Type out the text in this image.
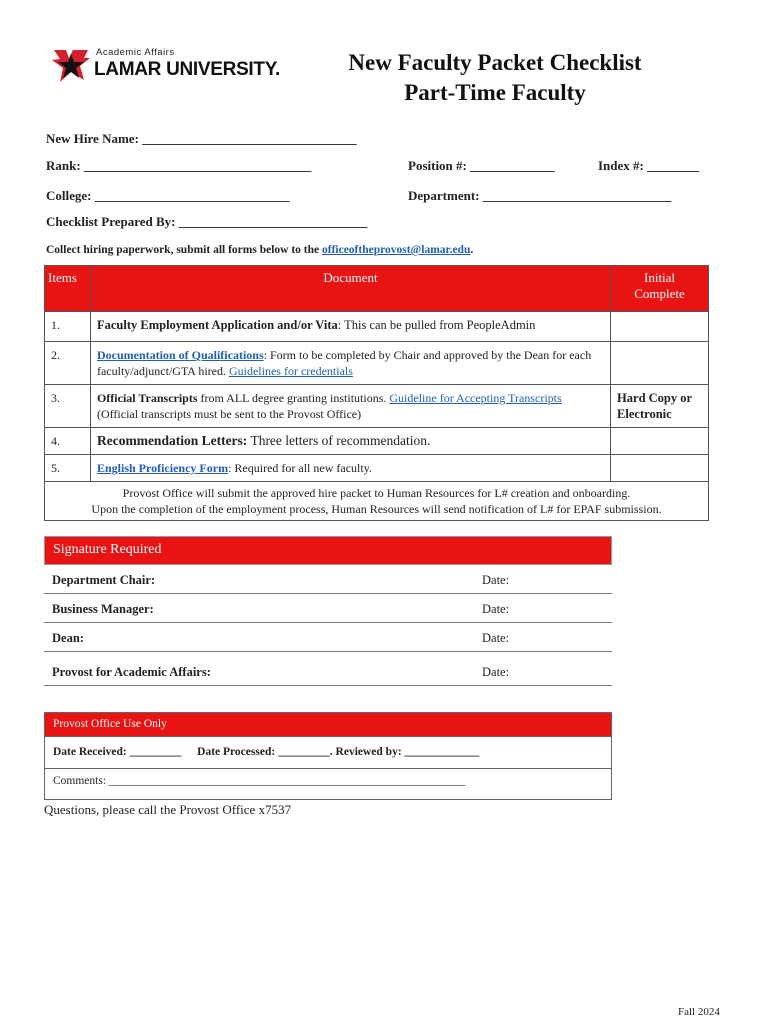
Academic Affairs
LAMAR UNIVERSITY.	New Faculty Packet Checklist
Part-Time Faculty
New Hire Name: _________________________________
Rank: ___________________________________	Position #: _____________	Index #: ________
College: ______________________________	Department: _____________________________
Checklist Prepared By: _____________________________
Collect hiring paperwork, submit all forms below to the officeoftheprovost@lamar.edu.
Items	Document	Initial
Complete

1.	Faculty Employment Application and/or Vita: This can be pulled from PeopleAdmin	
2.	Documentation of Qualifications: Form to be completed by Chair and approved by the Dean for each faculty/adjunct/GTA hired. Guidelines for credentials	
3.	Official Transcripts from ALL degree granting institutions. Guideline for Accepting Transcripts (Official transcripts must be sent to the Provost Office)	Hard Copy or Electronic
4.	Recommendation Letters: Three letters of recommendation.	
5.	English Proficiency Form: Required for all new faculty.	

Provost Office will submit the approved hire packet to Human Resources for L# creation and onboarding.
Upon the completion of the employment process, Human Resources will send notification of L# for EPAF submission.		
Signature Required
Department Chair:	Date:
Business Manager:	Date:
Dean:	Date:
Provost for Academic Affairs:	Date:
Provost Office Use Only
Date Received: _________ Date Processed: _________. Reviewed by: _____________
Comments: ______________________________________________________________
Questions, please call the Provost Office x7537
Fall 2024
